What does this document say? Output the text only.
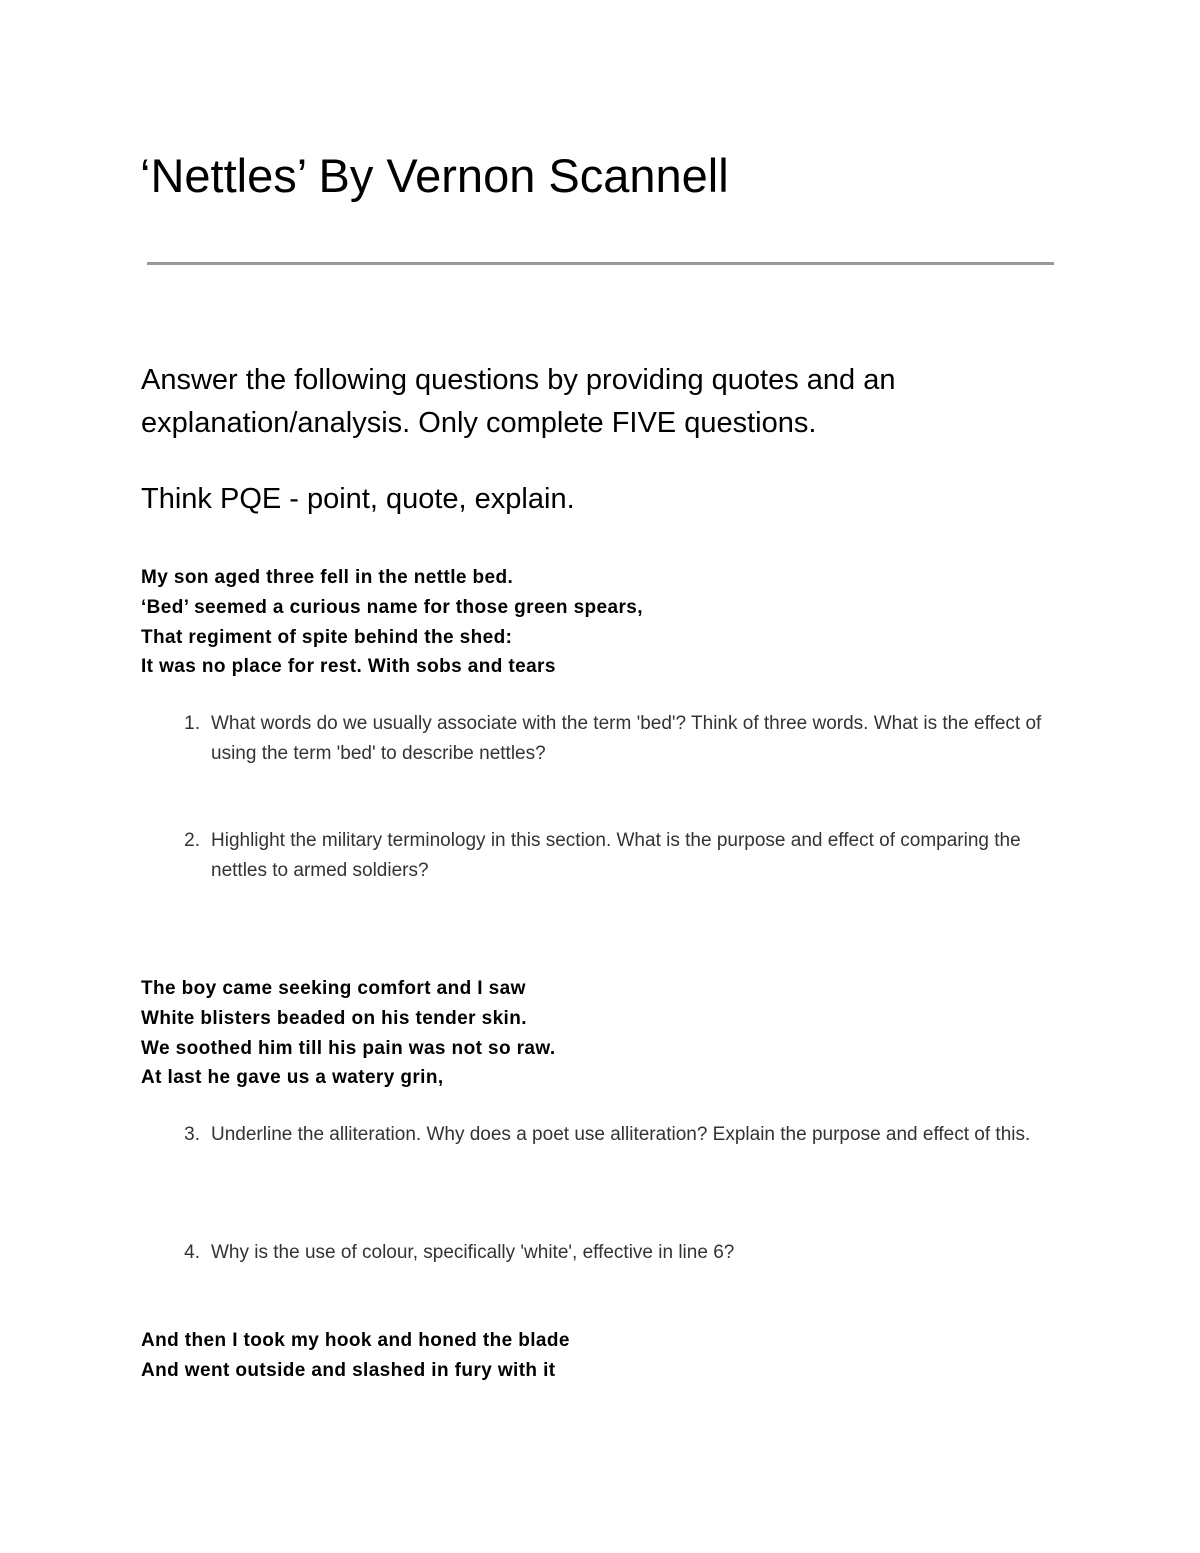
‘Nettles’ By Vernon Scannell

Answer the following questions by providing quotes and an
explanation/analysis. Only complete FIVE questions.

Think PQE - point, quote, explain.

My son aged three fell in the nettle bed.
‘Bed’ seemed a curious name for those green spears,
That regiment of spite behind the shed:
It was no place for rest. With sobs and tears
1. What words do we usually associate with the term 'bed'? Think of three words. What is the effect of using the term 'bed' to describe nettles?
2. Highlight the military terminology in this section. What is the purpose and effect of comparing the nettles to armed soldiers?
The boy came seeking comfort and I saw
White blisters beaded on his tender skin.
We soothed him till his pain was not so raw.
At last he gave us a watery grin,
3. Underline the alliteration. Why does a poet use alliteration? Explain the purpose and effect of this.
4. Why is the use of colour, specifically 'white', effective in line 6?
And then I took my hook and honed the blade
And went outside and slashed in fury with it
